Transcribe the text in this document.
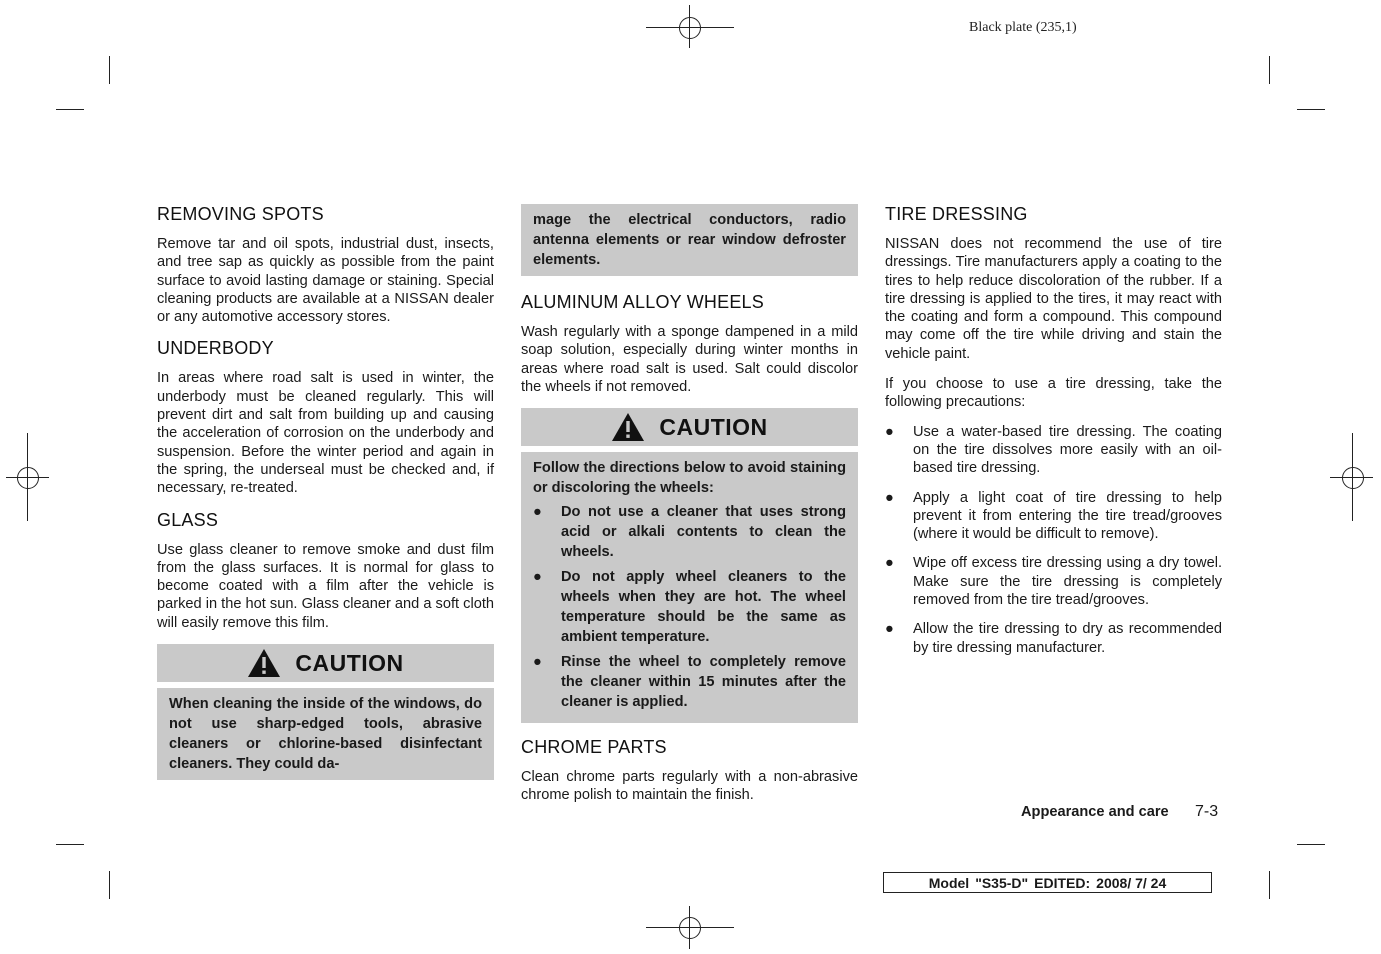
Black plate (235,1)
REMOVING SPOTS

Remove tar and oil spots, industrial dust, insects, and tree sap as quickly as possible from the paint surface to avoid lasting damage or staining. Special cleaning products are available at a NISSAN dealer or any automotive accessory stores.

UNDERBODY

In areas where road salt is used in winter, the underbody must be cleaned regularly. This will prevent dirt and salt from building up and causing the acceleration of corrosion on the underbody and suspension. Before the winter period and again in the spring, the underseal must be checked and, if necessary, re-treated.

GLASS

Use glass cleaner to remove smoke and dust film from the glass surfaces. It is normal for glass to become coated with a film after the vehicle is parked in the hot sun. Glass cleaner and a soft cloth will easily remove this film.

CAUTION

When cleaning the inside of the windows, do not use sharp-edged tools, abrasive cleaners or chlorine-based disinfectant cleaners. They could da-

mage the electrical conductors, radio antenna elements or rear window defroster elements.

ALUMINUM ALLOY WHEELS

Wash regularly with a sponge dampened in a mild soap solution, especially during winter months in areas where road salt is used. Salt could discolor the wheels if not removed.

CAUTION

Follow the directions below to avoid staining or discoloring the wheels:

● Do not use a cleaner that uses strong acid or alkali contents to clean the wheels.
● Do not apply wheel cleaners to the wheels when they are hot. The wheel temperature should be the same as ambient temperature.
● Rinse the wheel to completely remove the cleaner within 15 minutes after the cleaner is applied.
CHROME PARTS

Clean chrome parts regularly with a non-abrasive chrome polish to maintain the finish.

TIRE DRESSING

NISSAN does not recommend the use of tire dressings. Tire manufacturers apply a coating to the tires to help reduce discoloration of the rubber. If a tire dressing is applied to the tires, it may react with the coating and form a compound. This compound may come off the tire while driving and stain the vehicle paint.

If you choose to use a tire dressing, take the following precautions:

● Use a water-based tire dressing. The coating on the tire dissolves more easily with an oil-based tire dressing.
● Apply a light coat of tire dressing to help prevent it from entering the tire tread/grooves (where it would be difficult to remove).
● Wipe off excess tire dressing using a dry towel. Make sure the tire dressing is completely removed from the tire tread/grooves.
● Allow the tire dressing to dry as recommended by tire dressing manufacturer.
Appearance and care 7-3
Model "S35-D" EDITED: 2008/ 7/ 24
